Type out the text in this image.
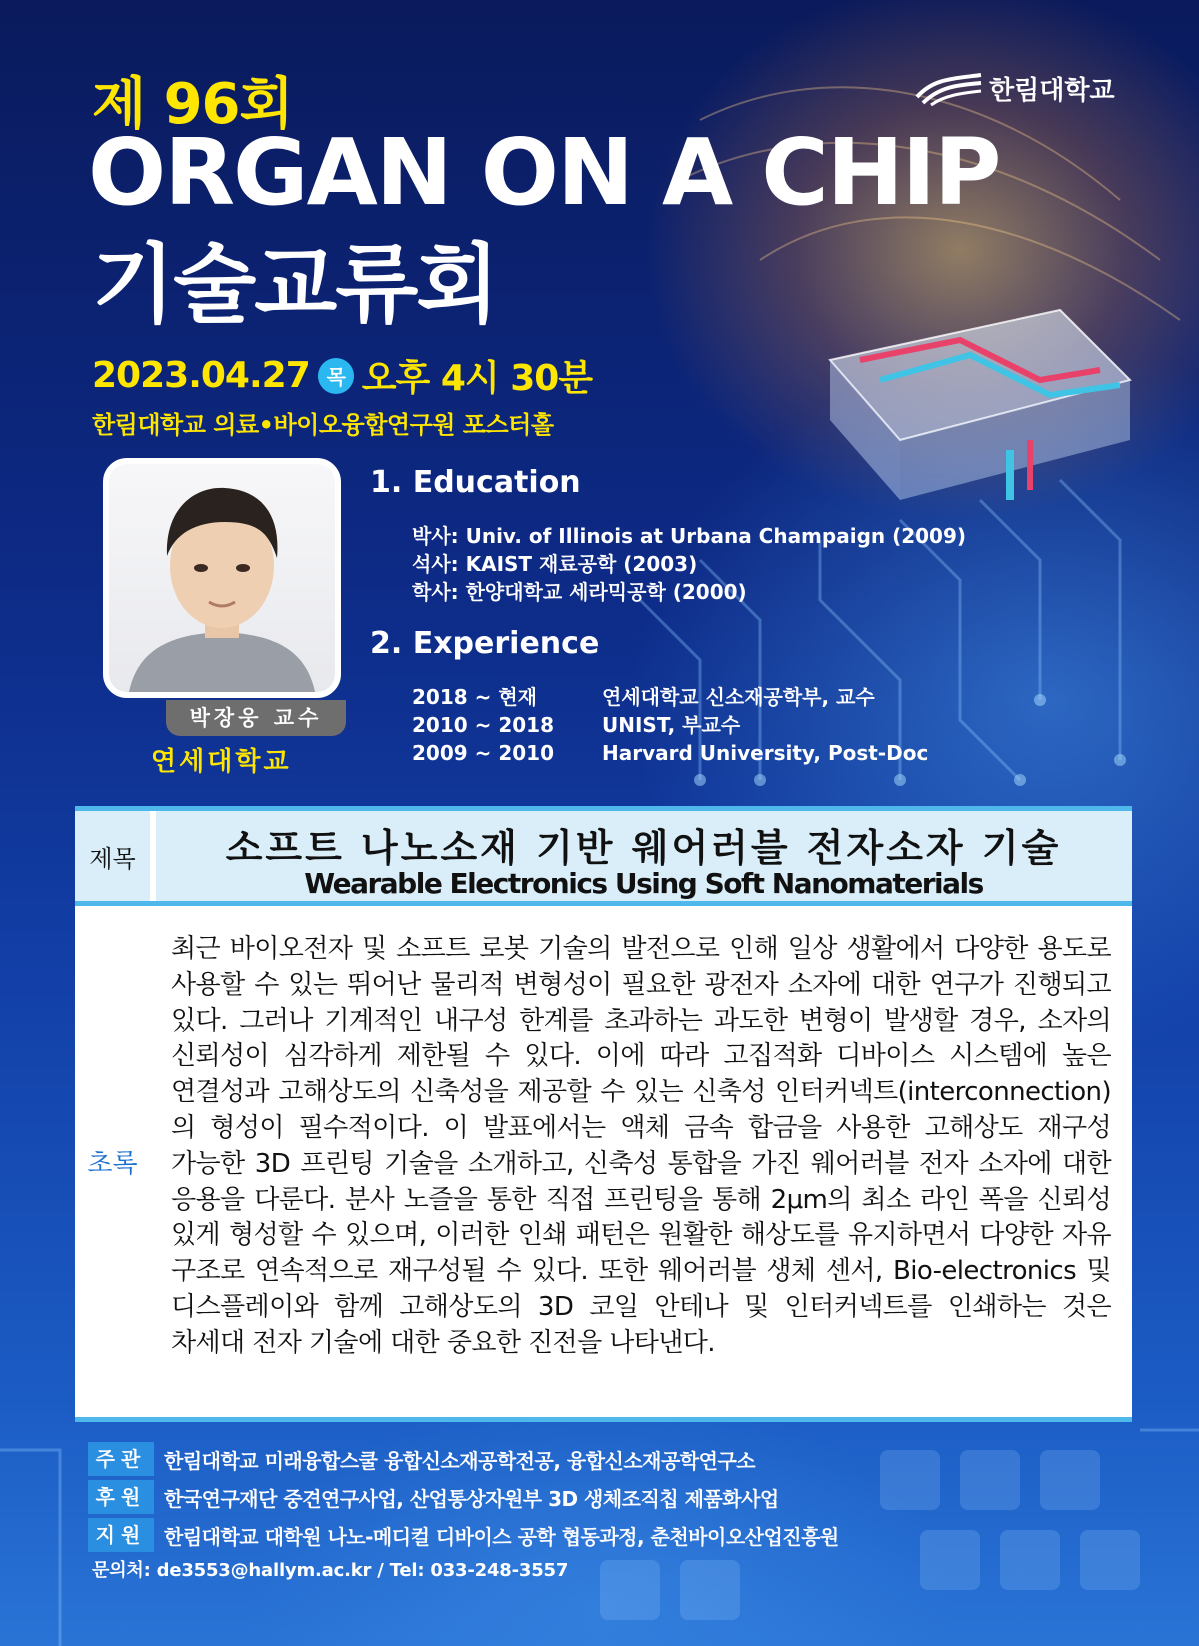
제 96회
ORGAN ON A CHIP
기술교류회
2023.04.27 목 오후 4시 30분
한림대학교 의료•바이오융합연구원 포스터홀
한림대학교
박장웅 교수
연세대학교
1. Education
박사: Univ. of Illinois at Urbana Champaign (2009)
석사: KAIST 재료공학 (2003)
학사: 한양대학교 세라믹공학 (2000)
2. Experience
2018 ~ 현재	연세대학교 신소재공학부, 교수
2010 ~ 2018	UNIST, 부교수
2009 ~ 2010	Harvard University, Post-Doc
제목	소프트 나노소재 기반 웨어러블 전자소자 기술
Wearable Electronics Using Soft Nanomaterials
초록
최근 바이오전자 및 소프트 로봇 기술의 발전으로 인해 일상 생활에서 다양한 용도로 사용할 수 있는 뛰어난 물리적 변형성이 필요한 광전자 소자에 대한 연구가 진행되고 있다. 그러나 기계적인 내구성 한계를 초과하는 과도한 변형이 발생할 경우, 소자의 신뢰성이 심각하게 제한될 수 있다. 이에 따라 고집적화 디바이스 시스템에 높은 연결성과 고해상도의 신축성을 제공할 수 있는 신축성 인터커넥트(interconnection)의 형성이 필수적이다. 이 발표에서는 액체 금속 합금을 사용한 고해상도 재구성 가능한 3D 프린팅 기술을 소개하고, 신축성 통합을 가진 웨어러블 전자 소자에 대한 응용을 다룬다. 분사 노즐을 통한 직접 프린팅을 통해 2μm의 최소 라인 폭을 신뢰성 있게 형성할 수 있으며, 이러한 인쇄 패턴은 원활한 해상도를 유지하면서 다양한 자유 구조로 연속적으로 재구성될 수 있다. 또한 웨어러블 생체 센서, Bio-electronics 및 디스플레이와 함께 고해상도의 3D 코일 안테나 및 인터커넥트를 인쇄하는 것은 차세대 전자 기술에 대한 중요한 진전을 나타낸다.
주관 한림대학교 미래융합스쿨 융합신소재공학전공, 융합신소재공학연구소
후원 한국연구재단 중견연구사업, 산업통상자원부 3D 생체조직칩 제품화사업
지원 한림대학교 대학원 나노-메디컬 디바이스 공학 협동과정, 춘천바이오산업진흥원
문의처: de3553@hallym.ac.kr / Tel: 033-248-3557
